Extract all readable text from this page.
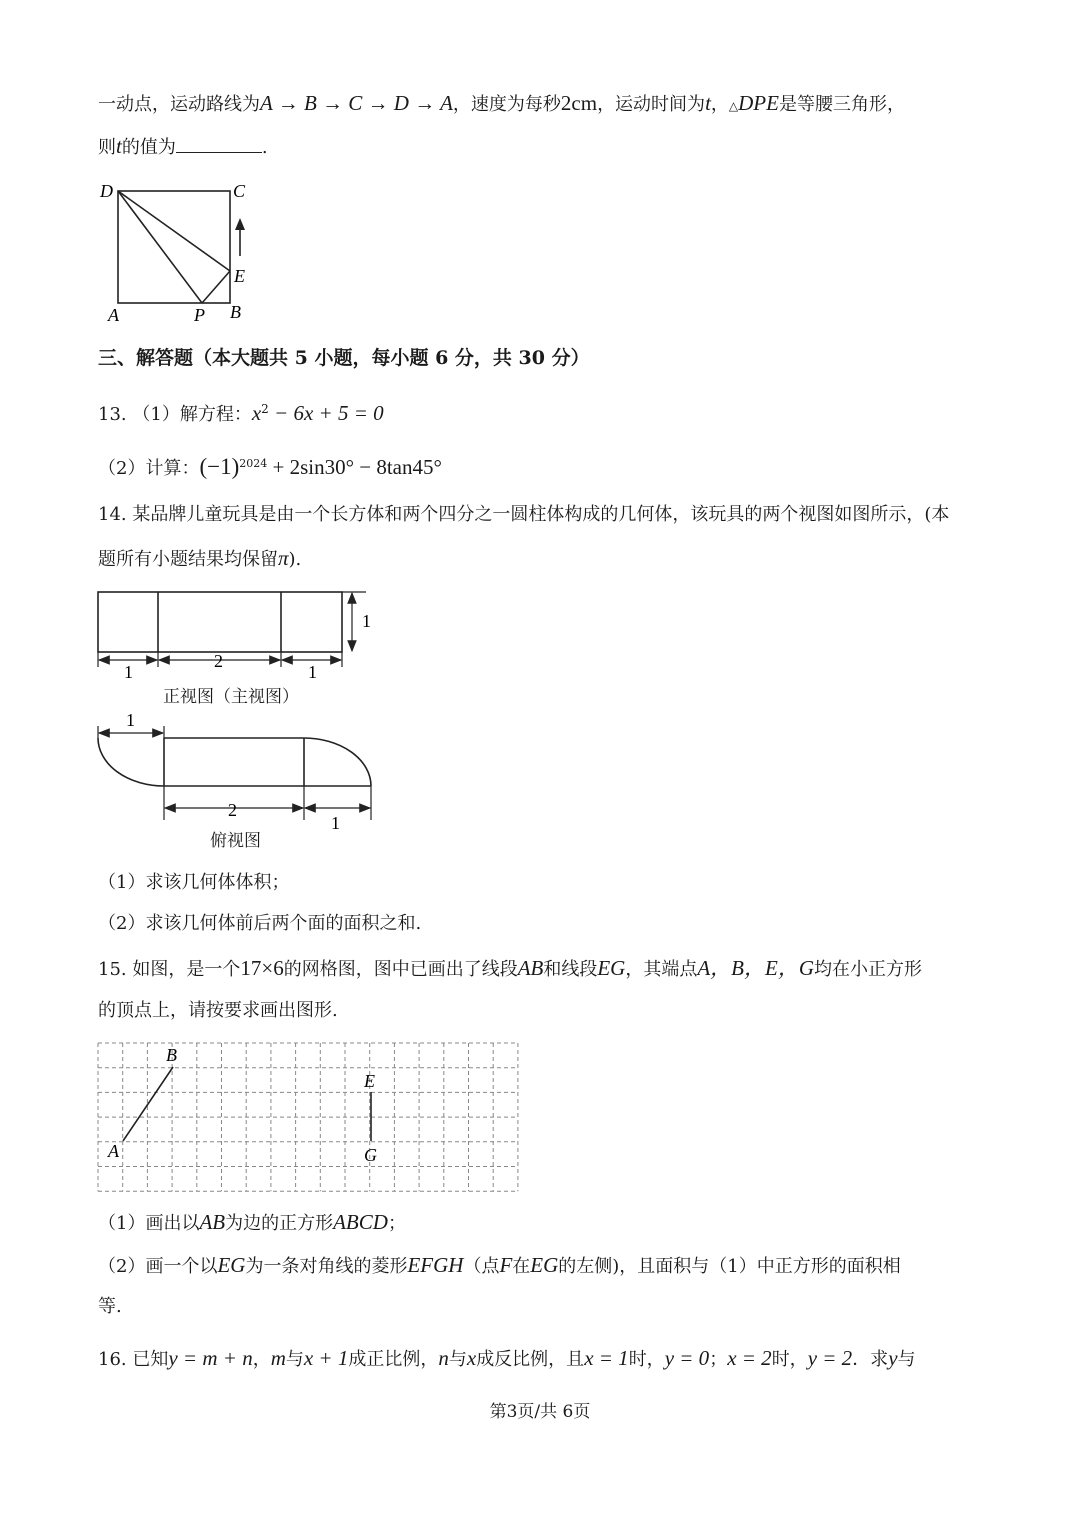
一动点，运动路线为A → B → C → D → A，速度为每秒2cm，运动时间为t，△DPE是等腰三角形，
则t的值为	.
D	C
E
A	P B
三、解答题（本大题共 5 小题，每小题 6 分，共 30 分）
13. （1）解方程：$x^2 - 6x + 5 = 0$
（2）计算：$(-1)^{2024} + 2\sin 30^\circ - 8\tan 45^\circ$
14. 某品牌儿童玩具是由一个长方体和两个四分之一圆柱体构成的几何体，该玩具的两个视图如图所示，(本
题所有小题结果均保留π).
1
2
1
1
正视图（主视图）
1
2
1
俯视图
（1）求该几何体体积；
（2）求该几何体前后两个面的面积之和.
15. 如图，是一个17×6的网格图，图中已画出了线段AB和线段EG，其端点A，B，E，G均在小正方形
的顶点上，请按要求画出图形.
A
B
E
G
（1）画出以AB为边的正方形ABCD；
（2）画一个以EG为一条对角线的菱形EFGH（点F在EG的左侧)，且面积与（1）中正方形的面积相
等.
16. 已知y = m + n，m与x + 1成正比例，n与x成反比例，且x = 1时，y = 0；x = 2时，y = 2．求y与
第3页/共 6页
